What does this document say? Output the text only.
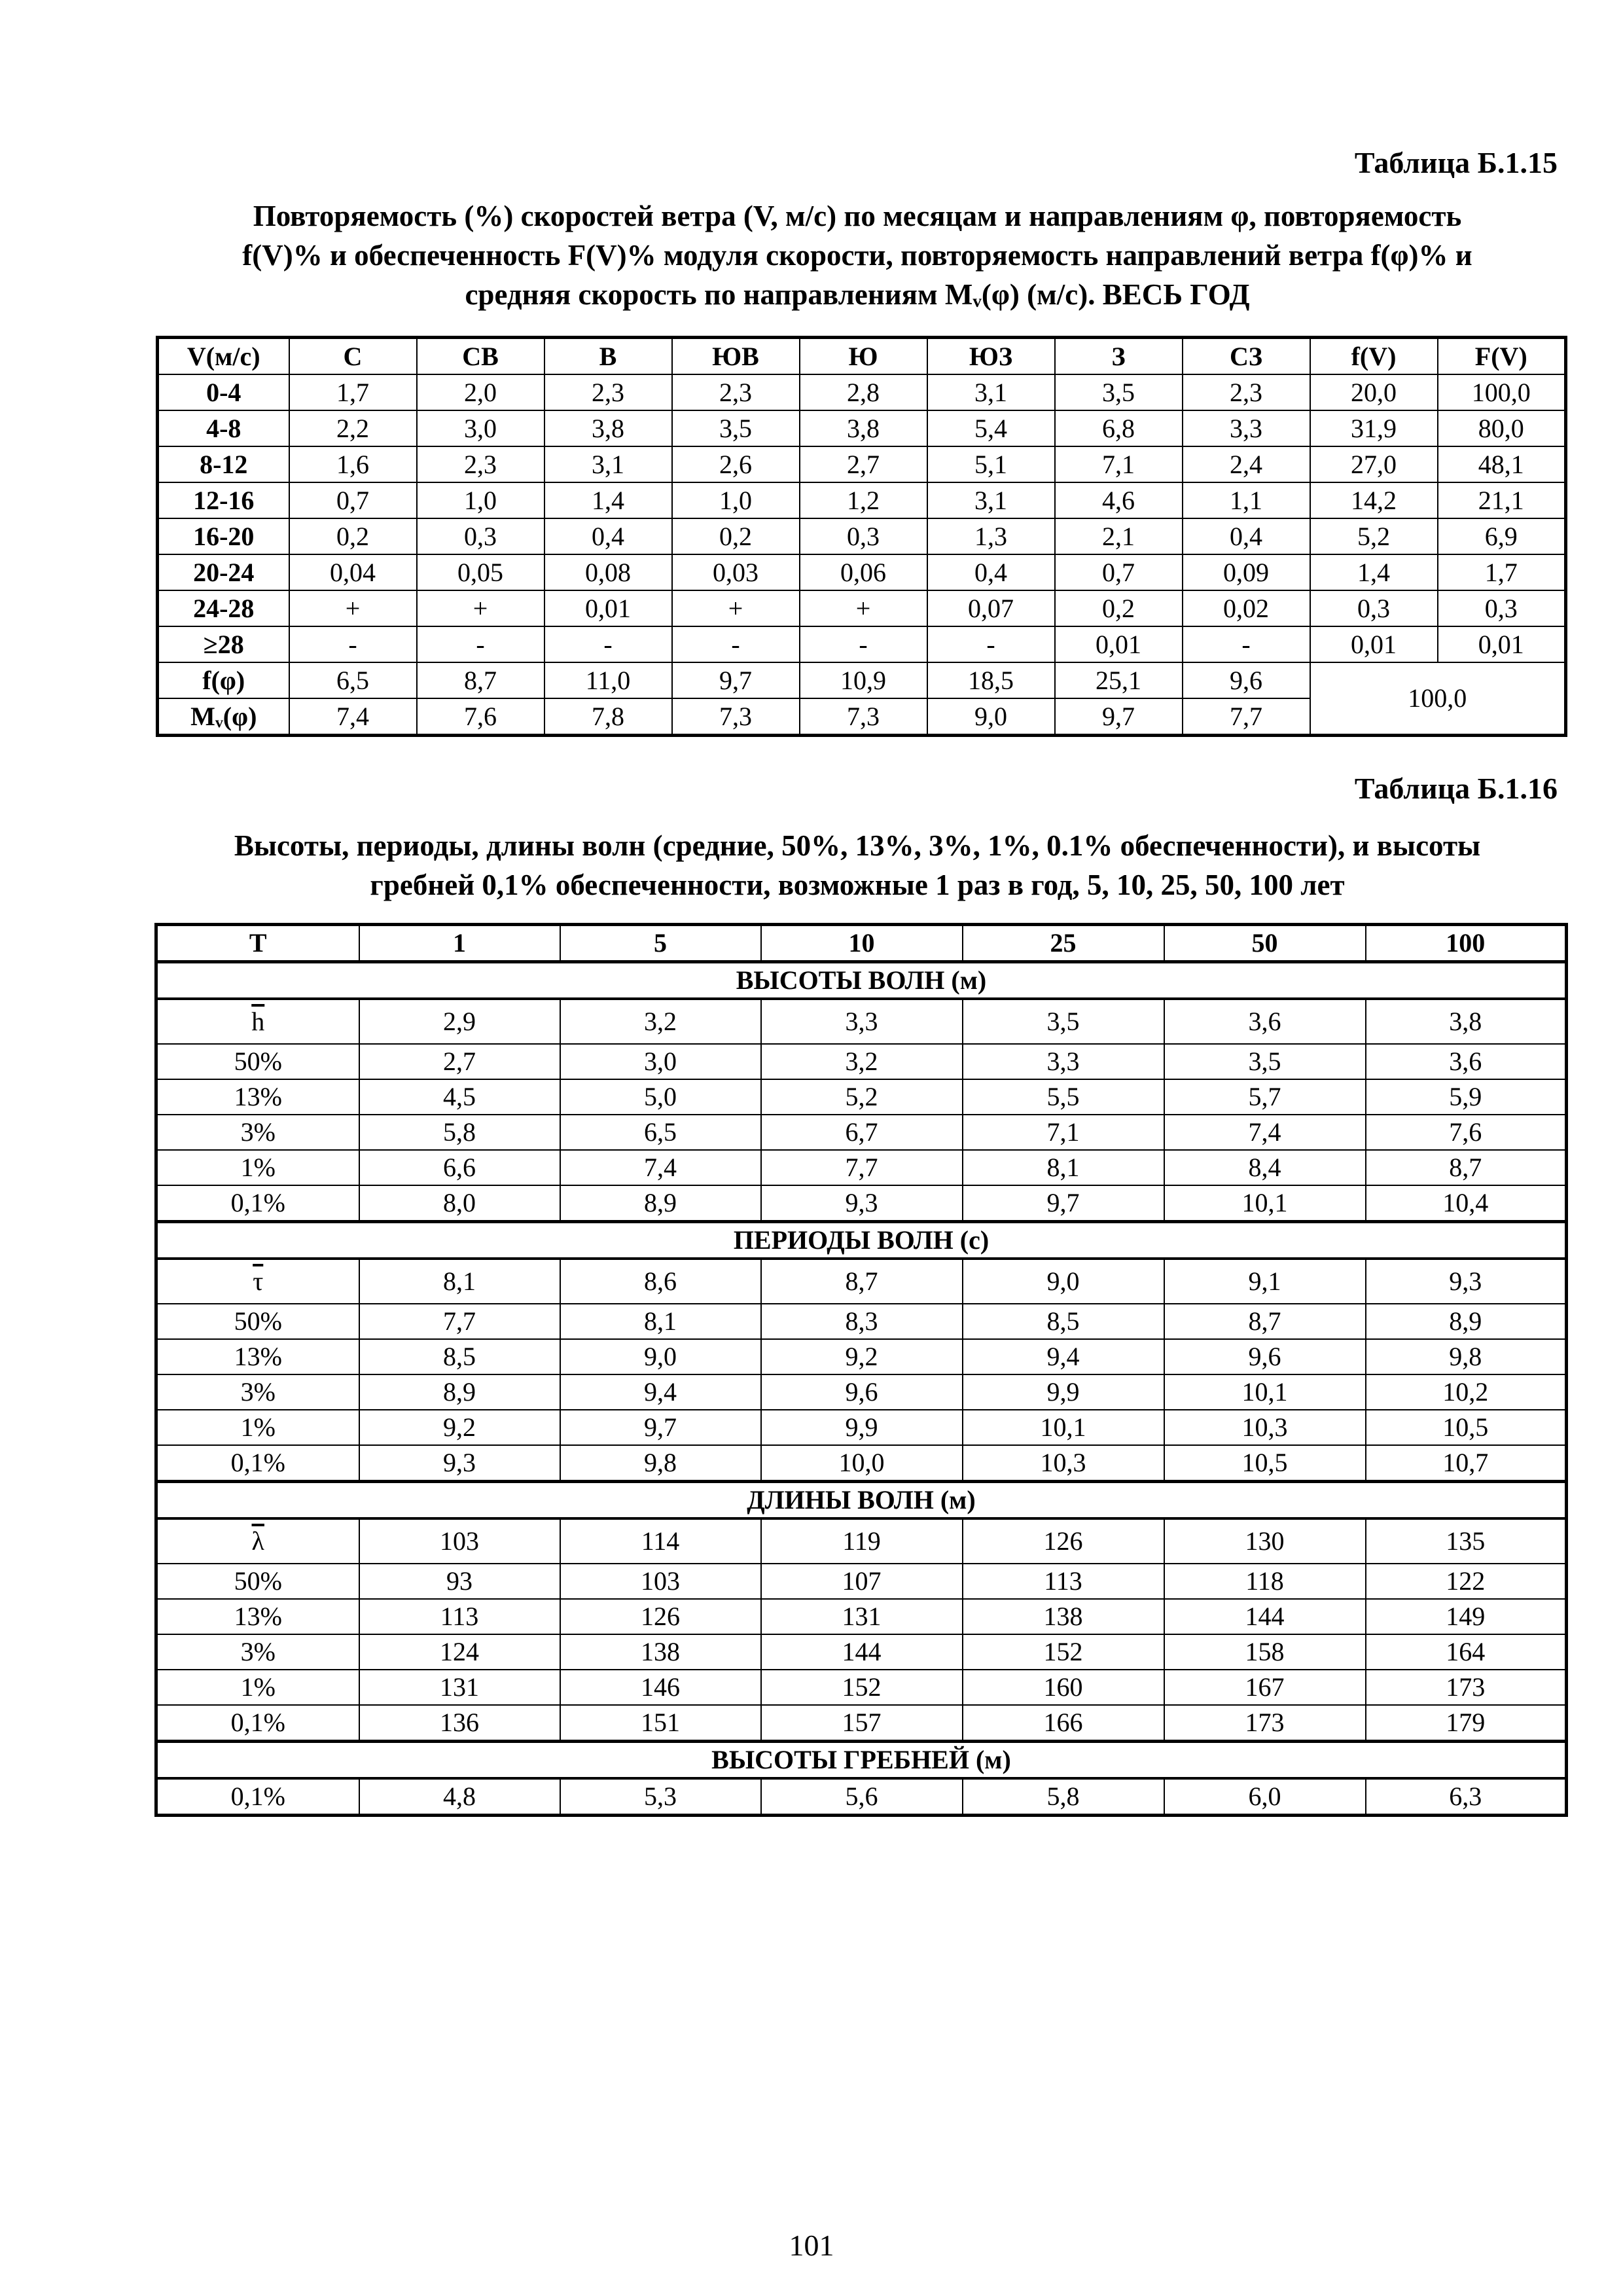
Таблица Б.1.15

Повторяемость (%) скоростей ветра (V, м/с) по месяцам и направлениям φ, повторяемость
f(V)% и обеспеченность F(V)% модуля скорости, повторяемость направлений ветра f(φ)% и
средняя скорость по направлениям Mᵥ(φ) (м/с). ВЕСЬ ГОД
V(м/с)	С	СВ	В	ЮВ	Ю	ЮЗ	З	СЗ	f(V)	F(V)
0-4	1,7	2,0	2,3	2,3	2,8	3,1	3,5	2,3	20,0	100,0
4-8	2,2	3,0	3,8	3,5	3,8	5,4	6,8	3,3	31,9	80,0
8-12	1,6	2,3	3,1	2,6	2,7	5,1	7,1	2,4	27,0	48,1
12-16	0,7	1,0	1,4	1,0	1,2	3,1	4,6	1,1	14,2	21,1
16-20	0,2	0,3	0,4	0,2	0,3	1,3	2,1	0,4	5,2	6,9
20-24	0,04	0,05	0,08	0,03	0,06	0,4	0,7	0,09	1,4	1,7
24-28	+	+	0,01	+	+	0,07	0,2	0,02	0,3	0,3
≥28	-	-	-	-	-	-	0,01	-	0,01	0,01
f(φ)	6,5	8,7	11,0	9,7	10,9	18,5	25,1	9,6	100,0	
Mᵥ(φ)	7,4	7,6	7,8	7,3	7,3	9,0	9,7	7,7		

Таблица Б.1.16

Высоты, периоды, длины волн (средние, 50%, 13%, 3%, 1%, 0.1% обеспеченности), и высоты
гребней 0,1% обеспеченности, возможные 1 раз в год, 5, 10, 25, 50, 100 лет
T	1	5	10	25	50	100
ВЫСОТЫ ВОЛН (м)						
$\overline{h}$	2,9	3,2	3,3	3,5	3,6	3,8
50%	2,7	3,0	3,2	3,3	3,5	3,6
13%	4,5	5,0	5,2	5,5	5,7	5,9
3%	5,8	6,5	6,7	7,1	7,4	7,6
1%	6,6	7,4	7,7	8,1	8,4	8,7
0,1%	8,0	8,9	9,3	9,7	10,1	10,4
ПЕРИОДЫ ВОЛН (с)						
$\overline{\tau}$	8,1	8,6	8,7	9,0	9,1	9,3
50%	7,7	8,1	8,3	8,5	8,7	8,9
13%	8,5	9,0	9,2	9,4	9,6	9,8
3%	8,9	9,4	9,6	9,9	10,1	10,2
1%	9,2	9,7	9,9	10,1	10,3	10,5
0,1%	9,3	9,8	10,0	10,3	10,5	10,7
ДЛИНЫ ВОЛН (м)						
$\overline{\lambda}$	103	114	119	126	130	135
50%	93	103	107	113	118	122
13%	113	126	131	138	144	149
3%	124	138	144	152	158	164
1%	131	146	152	160	167	173
0,1%	136	151	157	166	173	179
ВЫСОТЫ ГРЕБНЕЙ (м)						
0,1%	4,8	5,3	5,6	5,8	6,0	6,3

101
